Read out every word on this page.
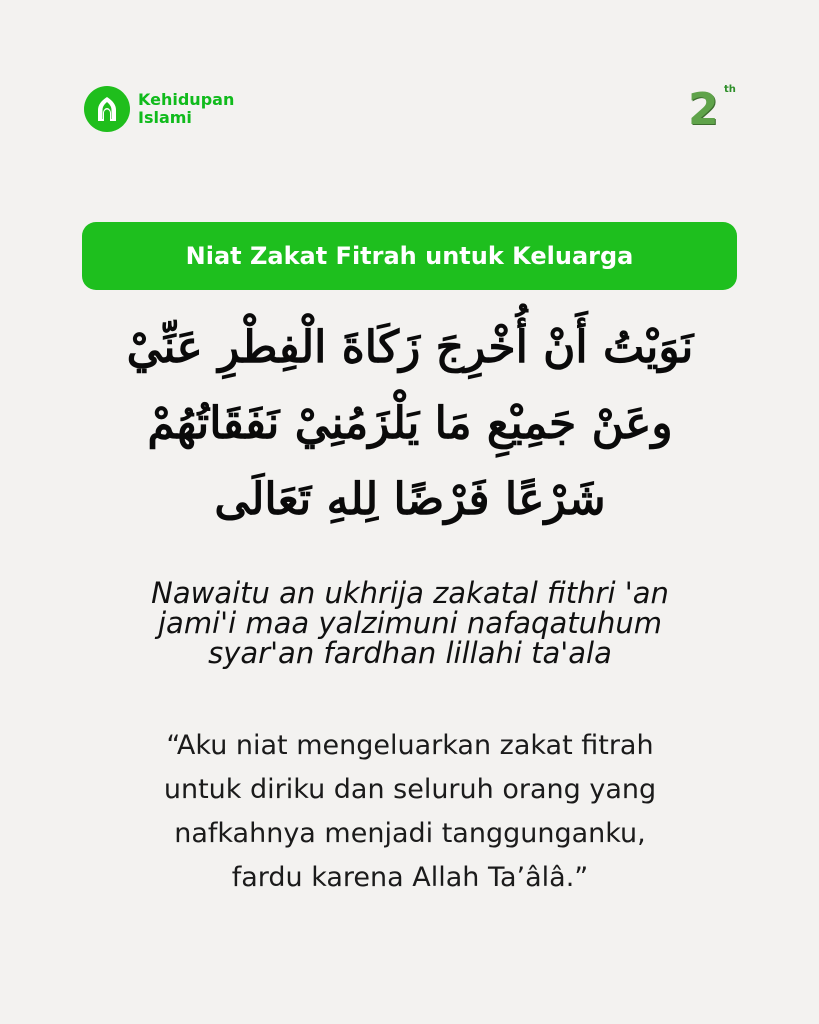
Kehidupan
Islami	2 th
Niat Zakat Fitrah untuk Keluarga
نَوَيْتُ أَنْ أُخْرِجَ زَكَاةَ الْفِطْرِ عَنِّيْ
وعَنْ جَمِيْعِ مَا يَلْزَمُنِيْ نَفَقَاتُهُمْ
شَرْعًا فَرْضًا لِلهِ تَعَالَى
Nawaitu an ukhrija zakatal fithri 'an
jami'i maa yalzimuni nafaqatuhum
syar'an fardhan lillahi ta'ala
“Aku niat mengeluarkan zakat fitrah
untuk diriku dan seluruh orang yang
nafkahnya menjadi tanggunganku,
fardu karena Allah Ta’âlâ.”
